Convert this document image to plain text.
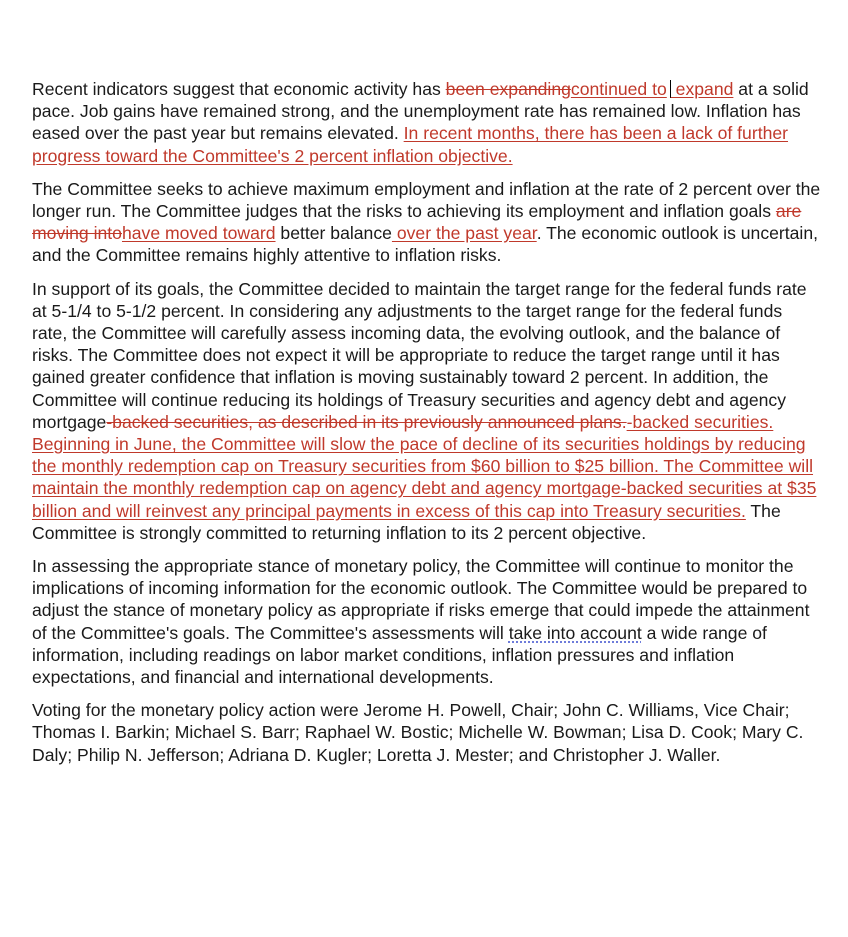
Recent indicators suggest that economic activity has been expandingcontinued to expand at a solid pace. Job gains have remained strong, and the unemployment rate has remained low. Inflation has eased over the past year but remains elevated. In recent months, there has been a lack of further progress toward the Committee's 2 percent inflation objective.

The Committee seeks to achieve maximum employment and inflation at the rate of 2 percent over the longer run. The Committee judges that the risks to achieving its employment and inflation goals are moving intohave moved toward better balance over the past year. The economic outlook is uncertain, and the Committee remains highly attentive to inflation risks.

In support of its goals, the Committee decided to maintain the target range for the federal funds rate at 5-1/4 to 5-1/2 percent. In considering any adjustments to the target range for the federal funds rate, the Committee will carefully assess incoming data, the evolving outlook, and the balance of risks. The Committee does not expect it will be appropriate to reduce the target range until it has gained greater confidence that inflation is moving sustainably toward 2 percent. In addition, the Committee will continue reducing its holdings of Treasury securities and agency debt and agency mortgage-backed securities, as described in its previously announced plans.-backed securities. Beginning in June, the Committee will slow the pace of decline of its securities holdings by reducing the monthly redemption cap on Treasury securities from $60 billion to $25 billion. The Committee will maintain the monthly redemption cap on agency debt and agency mortgage-backed securities at $35 billion and will reinvest any principal payments in excess of this cap into Treasury securities. The Committee is strongly committed to returning inflation to its 2 percent objective.

In assessing the appropriate stance of monetary policy, the Committee will continue to monitor the implications of incoming information for the economic outlook. The Committee would be prepared to adjust the stance of monetary policy as appropriate if risks emerge that could impede the attainment of the Committee's goals. The Committee's assessments will take into account a wide range of information, including readings on labor market conditions, inflation pressures and inflation expectations, and financial and international developments.

Voting for the monetary policy action were Jerome H. Powell, Chair; John C. Williams, Vice Chair; Thomas I. Barkin; Michael S. Barr; Raphael W. Bostic; Michelle W. Bowman; Lisa D. Cook; Mary C. Daly; Philip N. Jefferson; Adriana D. Kugler; Loretta J. Mester; and Christopher J. Waller.
